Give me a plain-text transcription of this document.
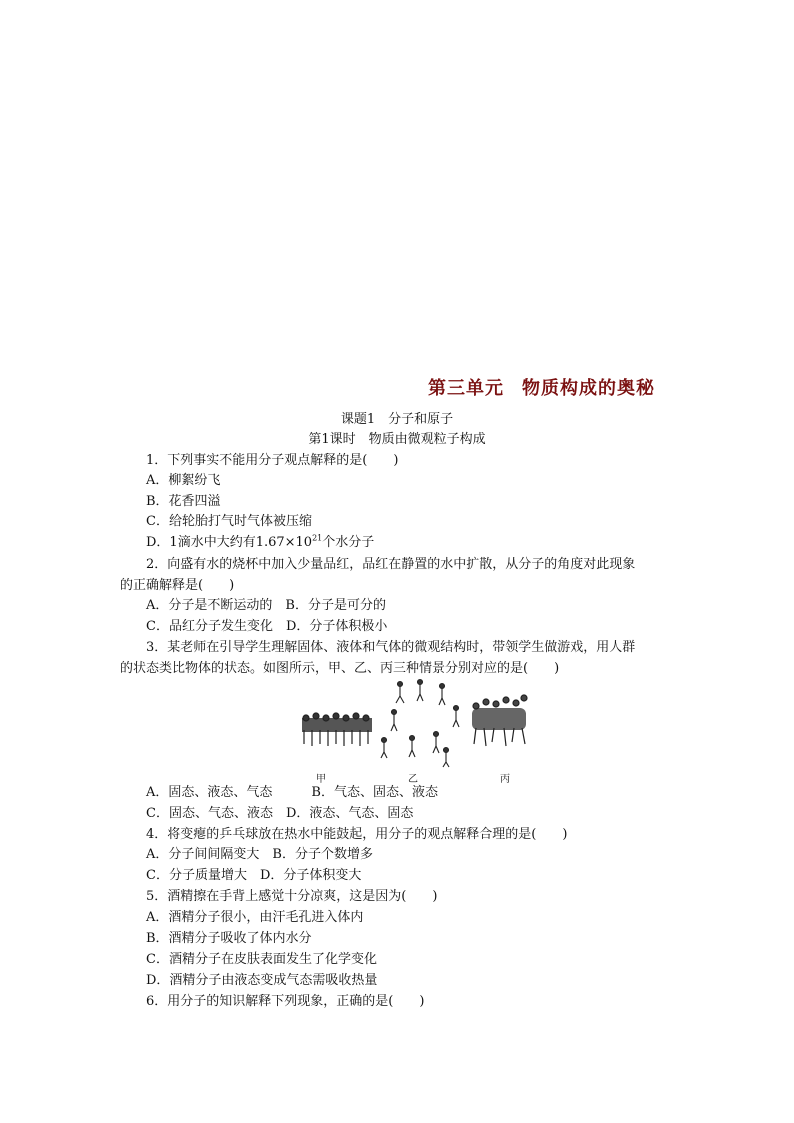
第三单元 物质构成的奥秘
课题1　分子和原子
第1课时　物质由微观粒子构成
1．下列事实不能用分子观点解释的是(　　)
A．柳絮纷飞
B．花香四溢
C．给轮胎打气时气体被压缩
D．1滴水中大约有$1.67\times 10^{21}$个水分子
2．向盛有水的烧杯中加入少量品红，品红在静置的水中扩散，从分子的角度对此现象
的正确解释是(　　)
A．分子是不断运动的　B．分子是可分的
C．品红分子发生变化　D．分子体积极小
3．某老师在引导学生理解固体、液体和气体的微观结构时，带领学生做游戏，用人群
的状态类比物体的状态。如图所示，甲、乙、丙三种情景分别对应的是(　　)
甲	乙	丙
A．固态、液态、气态　　　B．气态、固态、液态
C．固态、气态、液态　D．液态、气态、固态
4．将变瘪的乒乓球放在热水中能鼓起，用分子的观点解释合理的是(　　)
A．分子间间隔变大　B．分子个数增多
C．分子质量增大　D．分子体积变大
5．酒精擦在手背上感觉十分凉爽，这是因为(　　)
A．酒精分子很小，由汗毛孔进入体内
B．酒精分子吸收了体内水分
C．酒精分子在皮肤表面发生了化学变化
D．酒精分子由液态变成气态需吸收热量
6．用分子的知识解释下列现象，正确的是(　　)
